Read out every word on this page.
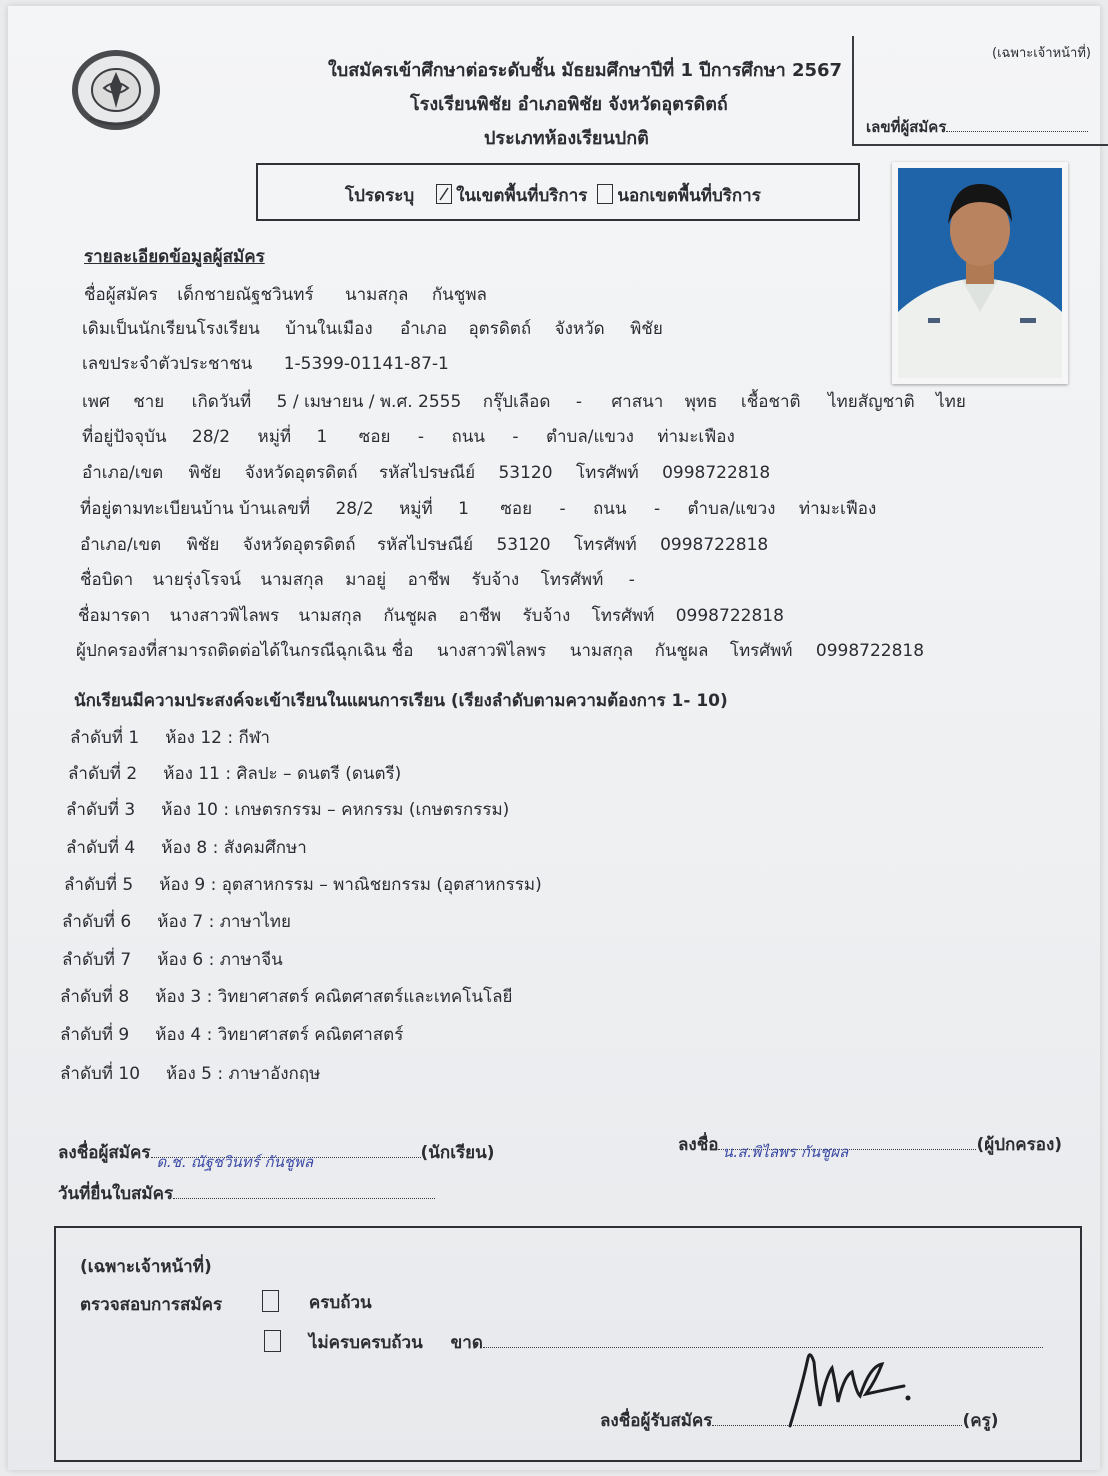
ใบสมัครเข้าศึกษาต่อระดับชั้น มัธยมศึกษาปีที่ 1 ปีการศึกษา 2567
โรงเรียนพิชัย อำเภอพิชัย จังหวัดอุตรดิตถ์
ประเภทห้องเรียนปกติ
(เฉพาะเจ้าหน้าที่)
เลขที่ผู้สมัคร
โปรดระบุ ในเขตพื้นที่บริการ นอกเขตพื้นที่บริการ
รายละเอียดข้อมูลผู้สมัคร
ชื่อผู้สมัคร เด็กชายณัฐชวินทร์ นามสกุล กันชูพล
เดิมเป็นนักเรียนโรงเรียน บ้านในเมือง อำเภอ อุตรดิตถ์ จังหวัด พิชัย
เลขประจำตัวประชาชน 1-5399-01141-87-1
เพศ ชาย เกิดวันที่ 5 / เมษายน / พ.ศ. 2555 กรุ๊ปเลือด - ศาสนา พุทธ เชื้อชาติ ไทยสัญชาติ ไทย
ที่อยู่ปัจจุบัน 28/2 หมู่ที่ 1 ซอย - ถนน - ตำบล/แขวง ท่ามะเฟือง
อำเภอ/เขต พิชัย จังหวัดอุตรดิตถ์ รหัสไปรษณีย์ 53120 โทรศัพท์ 0998722818
ที่อยู่ตามทะเบียนบ้าน บ้านเลขที่ 28/2 หมู่ที่ 1 ซอย - ถนน - ตำบล/แขวง ท่ามะเฟือง
อำเภอ/เขต พิชัย จังหวัดอุตรดิตถ์ รหัสไปรษณีย์ 53120 โทรศัพท์ 0998722818
ชื่อบิดา นายรุ่งโรจน์ นามสกุล มาอยู่ อาชีพ รับจ้าง โทรศัพท์ -
ชื่อมารดา นางสาวพิไลพร นามสกุล กันชูผล อาชีพ รับจ้าง โทรศัพท์ 0998722818
ผู้ปกครองที่สามารถติดต่อได้ในกรณีฉุกเฉิน ชื่อ นางสาวพิไลพร นามสกุล กันชูผล โทรศัพท์ 0998722818
นักเรียนมีความประสงค์จะเข้าเรียนในแผนการเรียน (เรียงลำดับตามความต้องการ 1- 10)
ลำดับที่ 1 ห้อง 12 : กีฬา
ลำดับที่ 2 ห้อง 11 : ศิลปะ – ดนตรี (ดนตรี)
ลำดับที่ 3 ห้อง 10 : เกษตรกรรม – คหกรรม (เกษตรกรรม)
ลำดับที่ 4 ห้อง 8 : สังคมศึกษา
ลำดับที่ 5 ห้อง 9 : อุตสาหกรรม – พาณิชยกรรม (อุตสาหกรรม)
ลำดับที่ 6 ห้อง 7 : ภาษาไทย
ลำดับที่ 7 ห้อง 6 : ภาษาจีน
ลำดับที่ 8 ห้อง 3 : วิทยาศาสตร์ คณิตศาสตร์และเทคโนโลยี
ลำดับที่ 9 ห้อง 4 : วิทยาศาสตร์ คณิตศาสตร์
ลำดับที่ 10 ห้อง 5 : ภาษาอังกฤษ
ลงชื่อผู้สมัคร ด.ช. ณัฐชวินทร์ กันชูพล	(นักเรียน)	ลงชื่อ น.ส.พิไลพร กันชูผล	(ผู้ปกครอง)
วันที่ยื่นใบสมัคร
(เฉพาะเจ้าหน้าที่)
ตรวจสอบการสมัคร	ครบถ้วน
ไม่ครบครบถ้วน ขาด
ลงชื่อผู้รับสมัคร	(ครู)
